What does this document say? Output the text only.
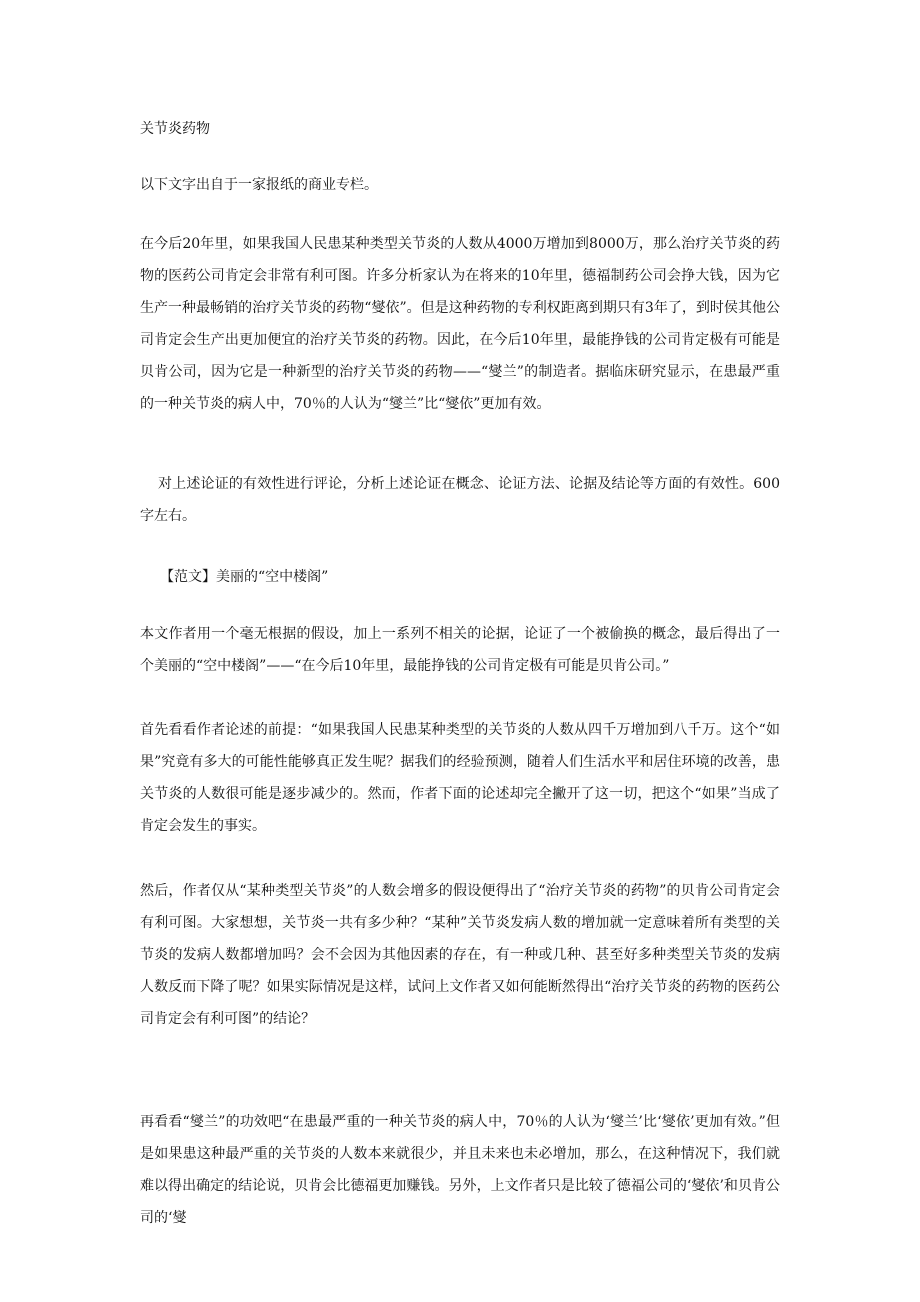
关节炎药物
以下文字出自于一家报纸的商业专栏。

在今后20年里，如果我国人民患某种类型关节炎的人数从4000万增加到8000万，那么治疗关节炎的药物的医药公司肯定会非常有利可图。许多分析家认为在将来的10年里，德福制药公司会挣大钱，因为它生产一种最畅销的治疗关节炎的药物“燮依”。但是这种药物的专利权距离到期只有3年了，到时侯其他公司肯定会生产出更加便宜的治疗关节炎的药物。因此，在今后10年里，最能挣钱的公司肯定极有可能是贝肯公司，因为它是一种新型的治疗关节炎的药物——“燮兰”的制造者。据临床研究显示，在患最严重的一种关节炎的病人中，70％的人认为“燮兰”比“燮依”更加有效。

对上述论证的有效性进行评论，分析上述论证在概念、论证方法、论据及结论等方面的有效性。600字左右。

【范文】美丽的“空中楼阁”

本文作者用一个毫无根据的假设，加上一系列不相关的论据，论证了一个被偷换的概念，最后得出了一个美丽的“空中楼阁”——“在今后10年里，最能挣钱的公司肯定极有可能是贝肯公司。”

首先看看作者论述的前提：“如果我国人民患某种类型的关节炎的人数从四千万增加到八千万。这个“如果”究竟有多大的可能性能够真正发生呢？据我们的经验预测，随着人们生活水平和居住环境的改善，患关节炎的人数很可能是逐步减少的。然而，作者下面的论述却完全撇开了这一切，把这个“如果”当成了肯定会发生的事实。

然后，作者仅从“某种类型关节炎”的人数会增多的假设便得出了“治疗关节炎的药物”的贝肯公司肯定会有利可图。大家想想，关节炎一共有多少种？“某种”关节炎发病人数的增加就一定意味着所有类型的关节炎的发病人数都增加吗？会不会因为其他因素的存在，有一种或几种、甚至好多种类型关节炎的发病人数反而下降了呢？如果实际情况是这样，试问上文作者又如何能断然得出“治疗关节炎的药物的医药公司肯定会有利可图”的结论？

再看看“燮兰”的功效吧“在患最严重的一种关节炎的病人中，70％的人认为‘燮兰’比‘燮依’更加有效。”但是如果患这种最严重的关节炎的人数本来就很少，并且未来也未必增加，那么，在这种情况下，我们就难以得出确定的结论说，贝肯会比德福更加赚钱。另外，上文作者只是比较了德福公司的‘燮依’和贝肯公司的‘燮
